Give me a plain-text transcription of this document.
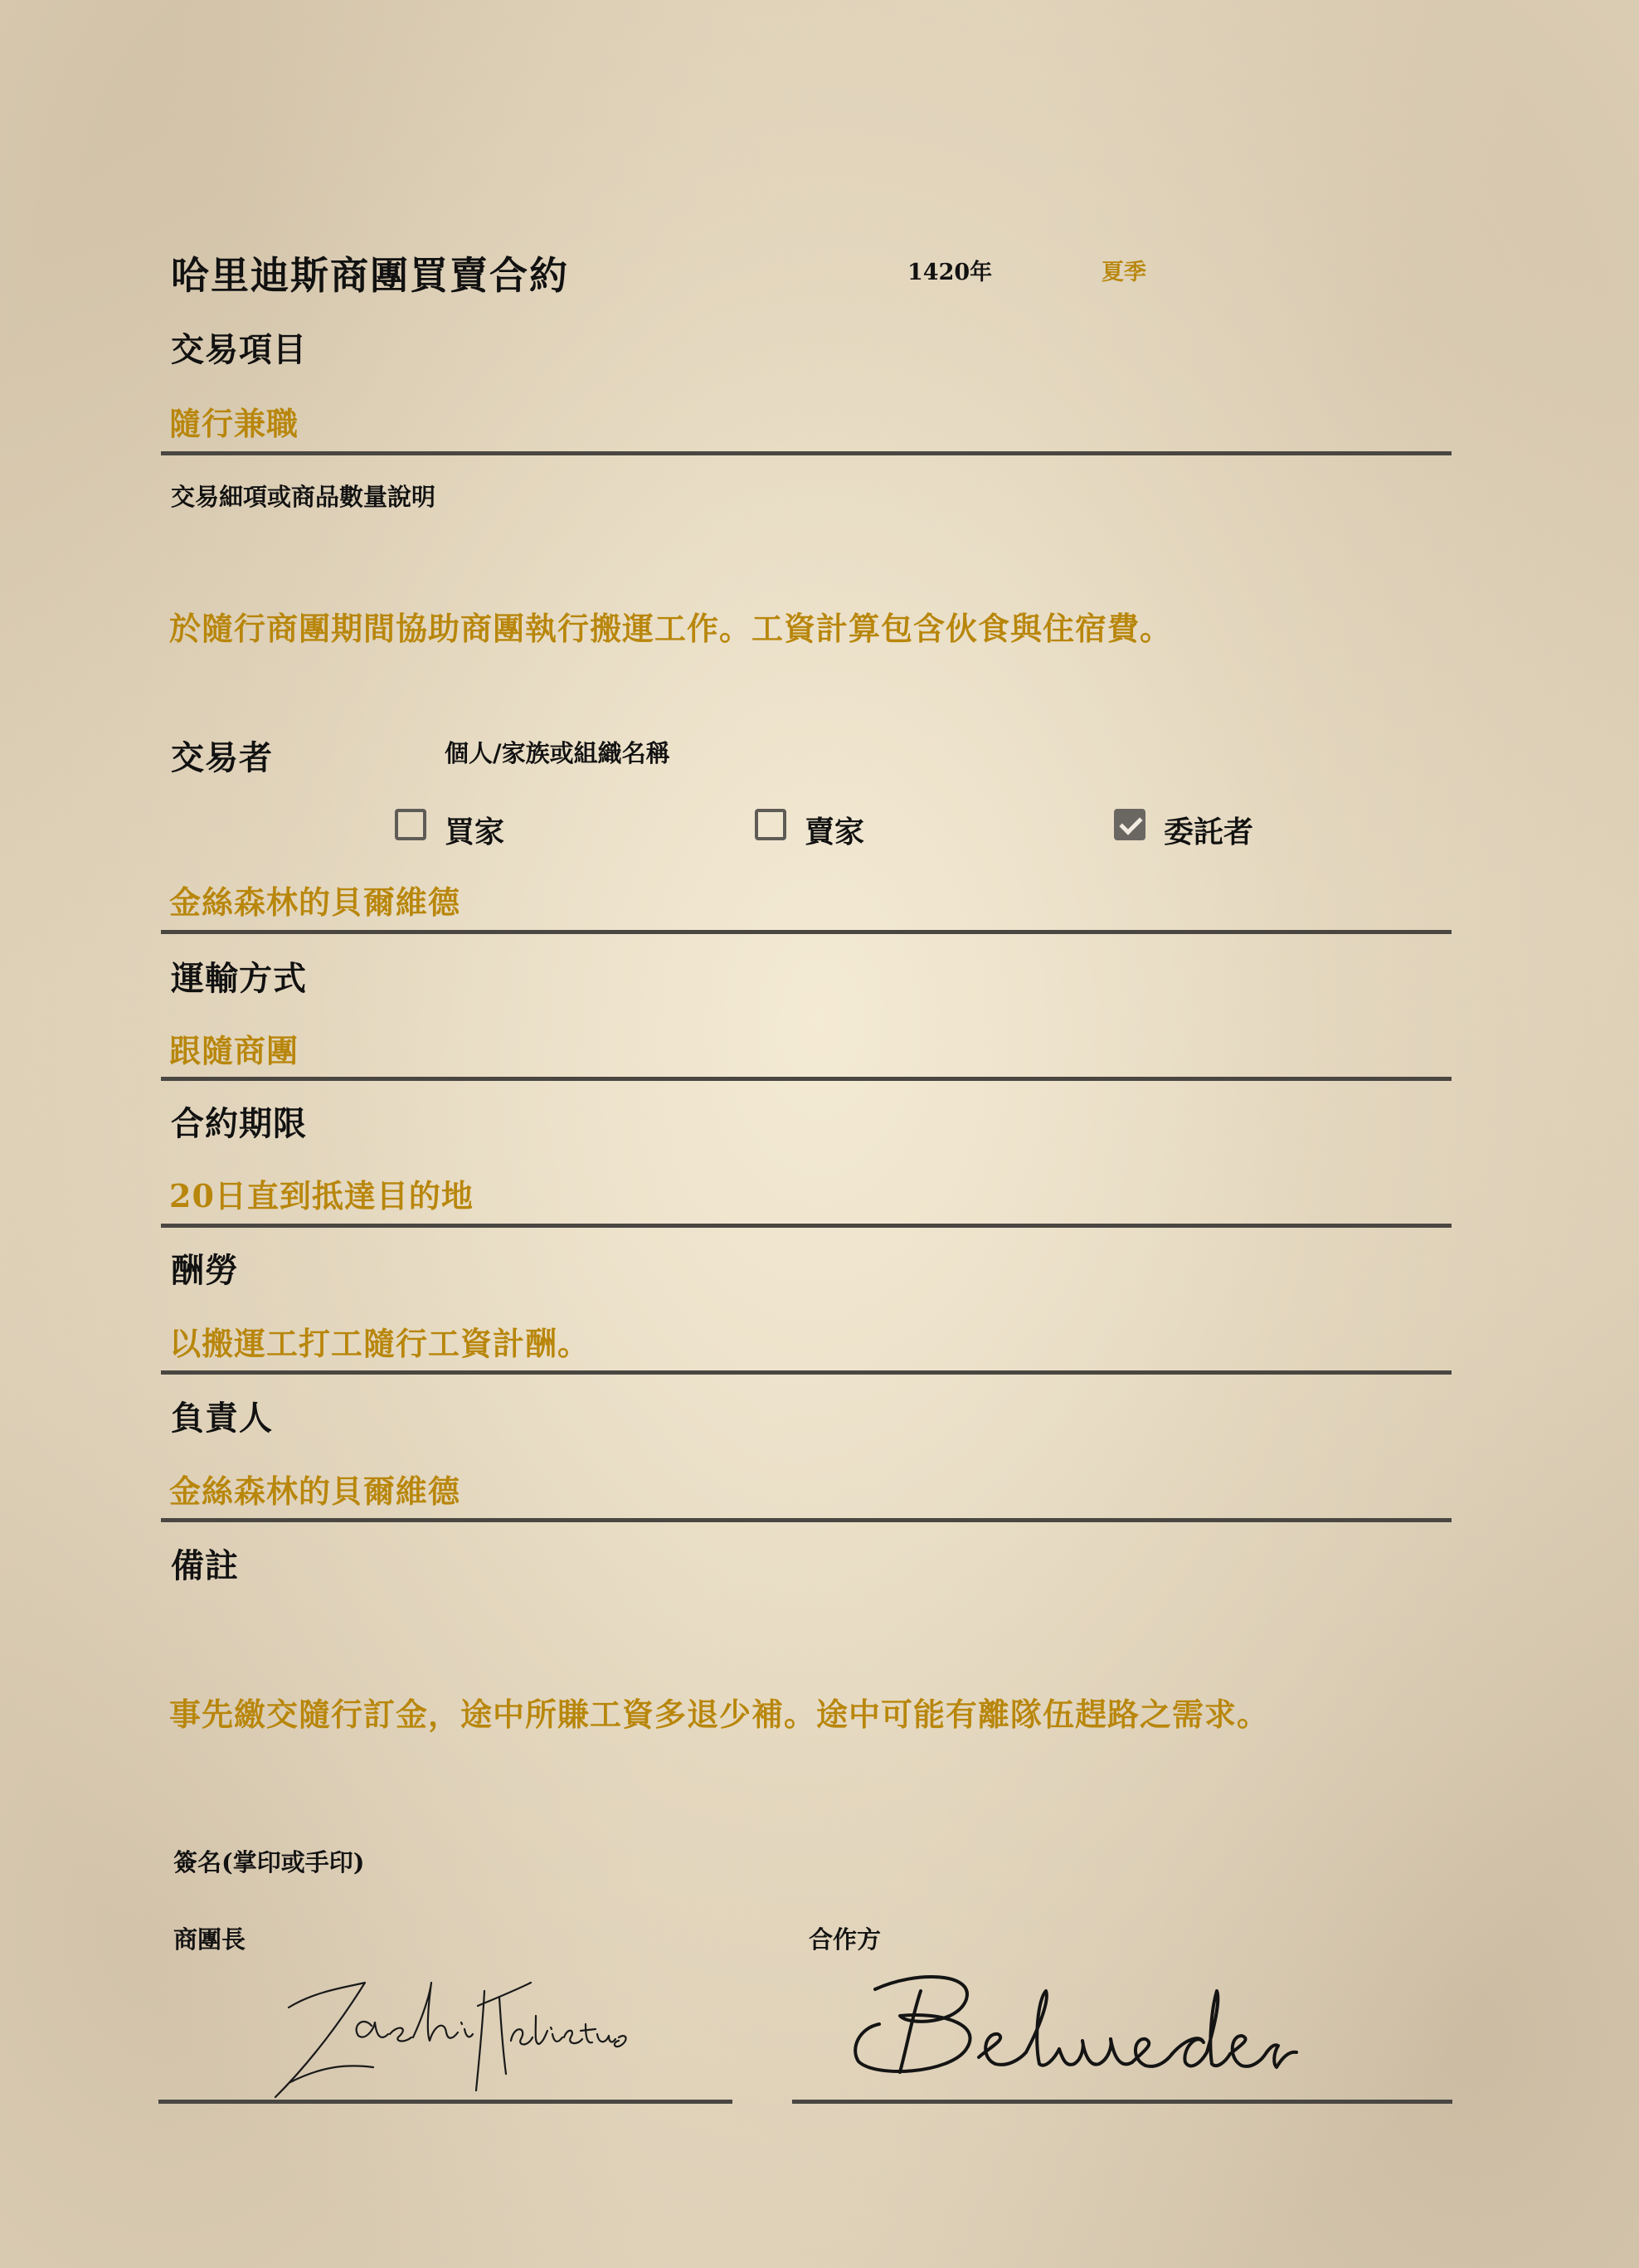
哈里迪斯商團買賣合約	1420年	夏季
交易項目
隨行兼職
交易細項或商品數量說明
於隨行商團期間協助商團執行搬運工作。工資計算包含伙食與住宿費。
交易者	個人/家族或組織名稱
買家	賣家	委託者
金絲森林的貝爾維德
運輸方式
跟隨商團
合約期限
20日直到抵達目的地
酬勞
以搬運工打工隨行工資計酬。
負責人
金絲森林的貝爾維德
備註
事先繳交隨行訂金，途中所賺工資多退少補。途中可能有離隊伍趕路之需求。
簽名(掌印或手印)
商團長	合作方
